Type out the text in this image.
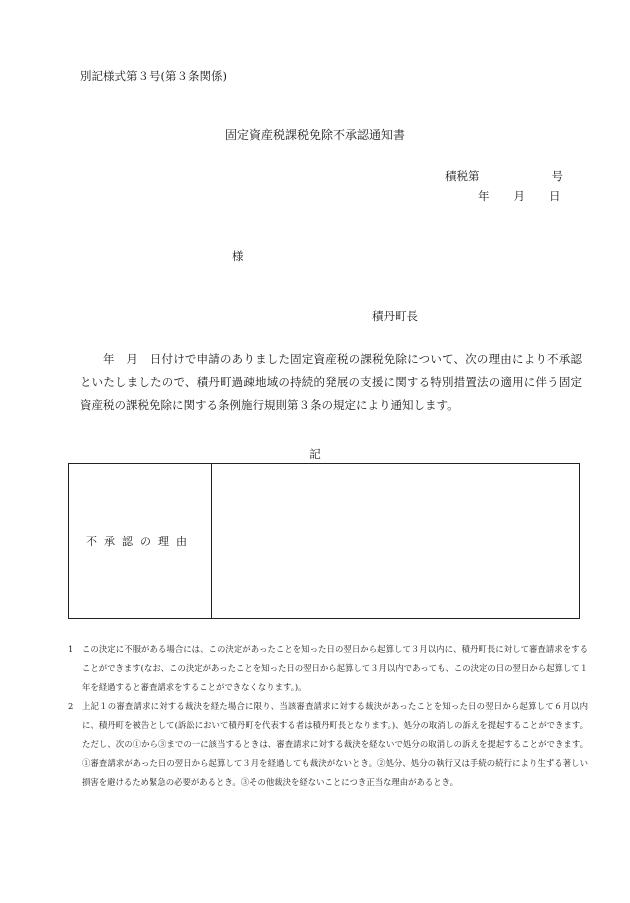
別記様式第３号(第３条関係)
固定資産税課税免除不承認通知書
積税第	号
年 月 日
様
積丹町長
年　月　日付けで申請のありました固定資産税の課税免除について、次の理由により不承認といたしましたので、積丹町過疎地域の持続的発展の支援に関する特別措置法の適用に伴う固定資産税の課税免除に関する条例施行規則第３条の規定により通知します。
記
不承認の理由
1	この決定に不服がある場合には、この決定があったことを知った日の翌日から起算して３月以内に、積丹町長に対して審査請求をすることができます(なお、この決定があったことを知った日の翌日から起算して３月以内であっても、この決定の日の翌日から起算して１年を経過すると審査請求をすることができなくなります。)。
2	上記１の審査請求に対する裁決を経た場合に限り、当該審査請求に対する裁決があったことを知った日の翌日から起算して６月以内に、積丹町を被告として(訴訟において積丹町を代表する者は積丹町長となります。)、処分の取消しの訴えを提起することができます。ただし、次の①から③までの一に該当するときは、審査請求に対する裁決を経ないで処分の取消しの訴えを提起することができます。①審査請求があった日の翌日から起算して３月を経過しても裁決がないとき。②処分、処分の執行又は手続の続行により生ずる著しい損害を避けるため緊急の必要があるとき。③その他裁決を経ないことにつき正当な理由があるとき。
